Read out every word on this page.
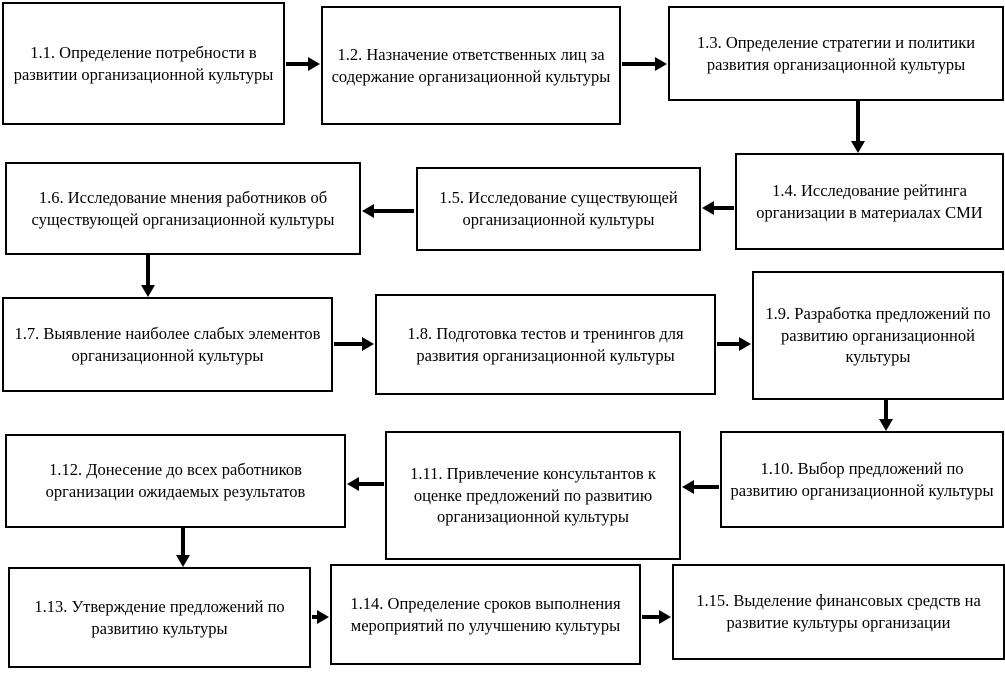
1.1. Определение потребности в развитии организационной культуры
1.2. Назначение ответственных лиц за содержание организационной культуры
1.3. Определение стратегии и политики развития организационной культуры
1.4. Исследование рейтинга организации в материалах СМИ
1.5. Исследование существующей организационной культуры
1.6. Исследование мнения работников об существующей организационной культуры
1.7. Выявление наиболее слабых элементов организационной культуры
1.8. Подготовка тестов и тренингов для развития организационной культуры
1.9. Разработка предложений по развитию организационной культуры
1.10. Выбор предложений по развитию организационной культуры
1.11. Привлечение консультантов к оценке предложений по развитию организационной культуры
1.12. Донесение до всех работников организации ожидаемых результатов
1.13. Утверждение предложений по развитию культуры
1.14. Определение сроков выполнения мероприятий по улучшению культуры
1.15. Выделение финансовых средств на развитие культуры организации
